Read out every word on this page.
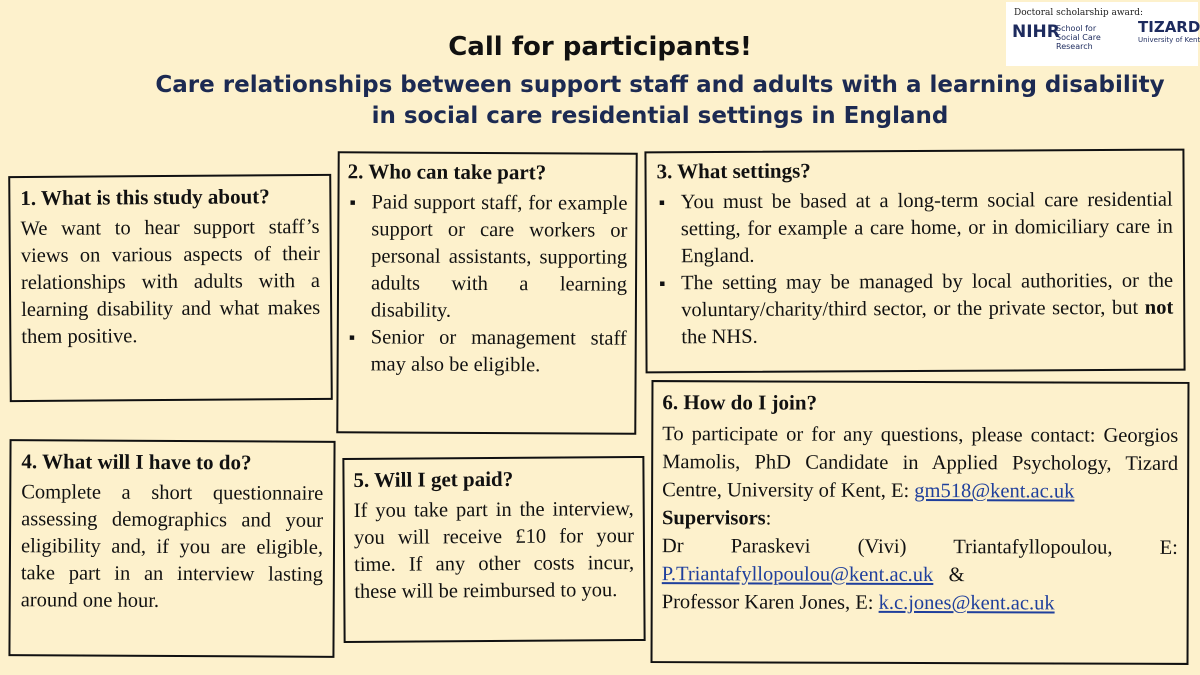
Call for participants!
Care relationships between support staff and adults with a learning disability in social care residential settings in England
Doctoral scholarship award:
NIHR
School for Social Care Research
TIZARD
University of Kent
1. What is this study about?

We want to hear support staff’s views on various aspects of their relationships with adults with a learning disability and what makes them positive.

2. Who can take part?
▪ Paid support staff, for example support or care workers or personal assistants, supporting adults with a learning disability.
▪ Senior or management staff may also be eligible.
3. What settings?
▪ You must be based at a long-term social care residential setting, for example a care home, or in domiciliary care in England.
▪ The setting may be managed by local authorities, or the voluntary/charity/third sector, or the private sector, but not the NHS.
4. What will I have to do?

Complete a short questionnaire assessing demographics and your eligibility and, if you are eligible, take part in an interview lasting around one hour.

5. Will I get paid?

If you take part in the interview, you will receive £10 for your time. If any other costs incur, these will be reimbursed to you.

6. How do I join?

To participate or for any questions, please contact: Georgios Mamolis, PhD Candidate in Applied Psychology, Tizard Centre, University of Kent, E: gm518@kent.ac.uk

Supervisors:

Dr Paraskevi (Vivi) Triantafyllopoulou, E: P.Triantafyllopoulou@kent.ac.uk   &

Professor Karen Jones, E: k.c.jones@kent.ac.uk
